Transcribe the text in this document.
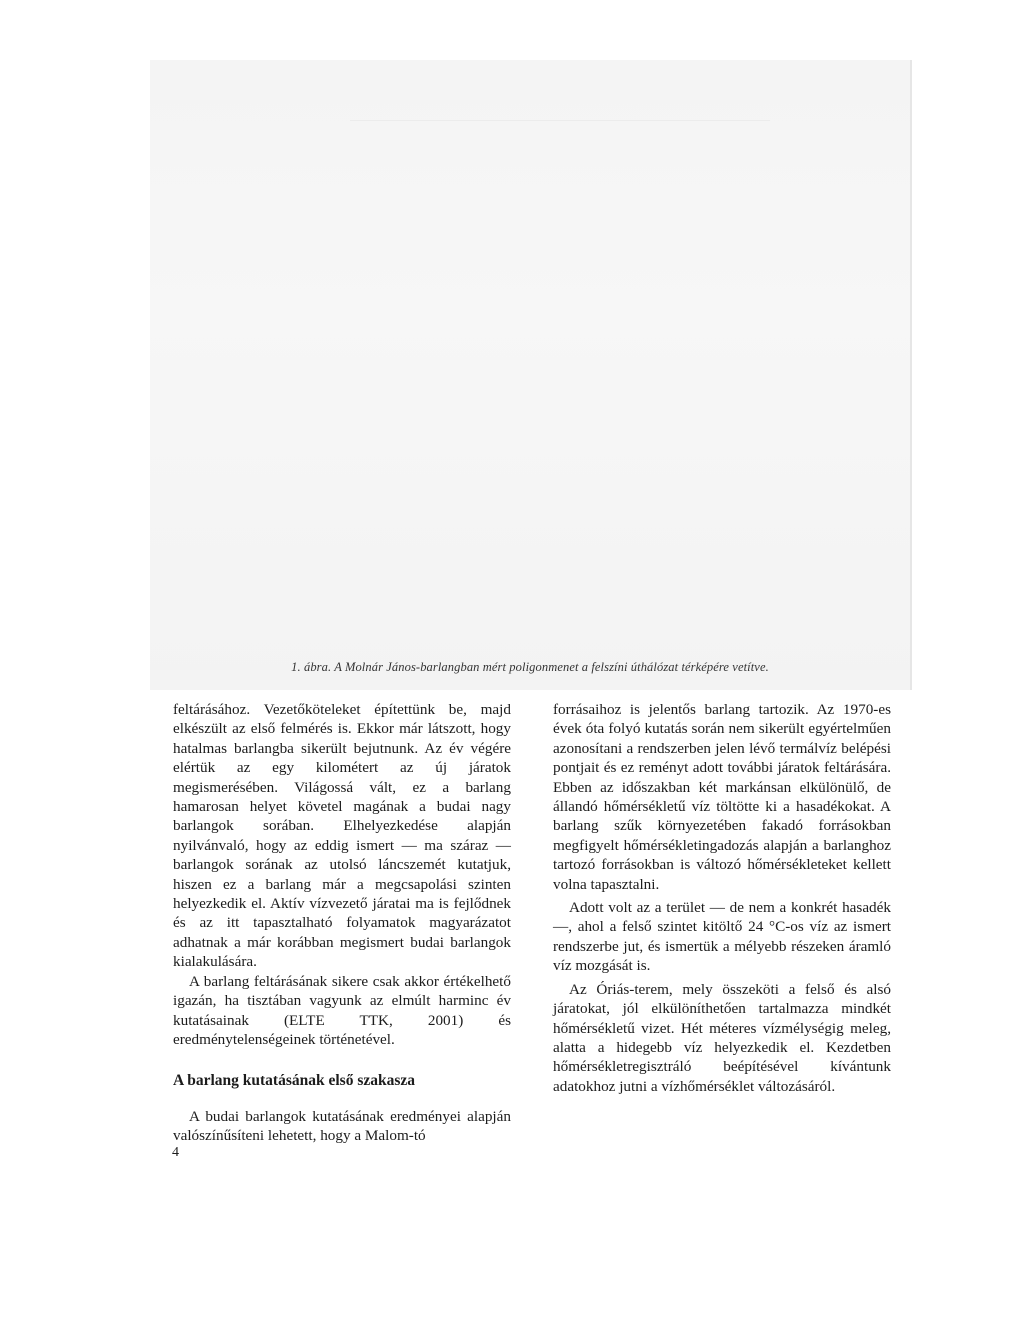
1. ábra. A Molnár János-barlangban mért poligonmenet a felszíni úthálózat térképére vetítve.

feltárásához. Vezetőköteleket építettünk be, majd elkészült az első felmérés is. Ekkor már látszott, hogy hatalmas barlangba sikerült bejutnunk. Az év végére elértük az egy kilométert az új járatok megismerésében. Világossá vált, ez a barlang hamarosan helyet követel magának a budai nagy barlangok sorában. Elhelyezkedése alapján nyilvánvaló, hogy az eddig ismert — ma száraz — barlangok sorának az utolsó láncszemét kutatjuk, hiszen ez a barlang már a megcsapolási szinten helyezkedik el. Aktív vízvezető járatai ma is fejlődnek és az itt tapasztalható folyamatok magyarázatot adhatnak a már korábban megismert budai barlangok kialakulására.

A barlang feltárásának sikere csak akkor értékelhető igazán, ha tisztában vagyunk az elmúlt harminc év kutatásainak (ELTE TTK, 2001) és eredménytelenségeinek történetével.

A barlang kutatásának első szakasza

A budai barlangok kutatásának eredményei alapján valószínűsíteni lehetett, hogy a Malom-tó

forrásaihoz is jelentős barlang tartozik. Az 1970-es évek óta folyó kutatás során nem sikerült egyértelműen azonosítani a rendszerben jelen lévő termálvíz belépési pontjait és ez reményt adott további járatok feltárására. Ebben az időszakban két markánsan elkülönülő, de állandó hőmérsékletű víz töltötte ki a hasadékokat. A barlang szűk környezetében fakadó forrásokban megfigyelt hőmérsékletingadozás alapján a barlanghoz tartozó forrásokban is változó hőmérsékleteket kellett volna tapasztalni.

Adott volt az a terület — de nem a konkrét hasadék —, ahol a felső szintet kitöltő 24 °C-os víz az ismert rendszerbe jut, és ismertük a mélyebb részeken áramló víz mozgását is.

Az Óriás-terem, mely összeköti a felső és alsó járatokat, jól elkülöníthetően tartalmazza mindkét hőmérsékletű vizet. Hét méteres vízmélységig meleg, alatta a hidegebb víz helyezkedik el. Kezdetben hőmérsékletregisztráló beépítésével kívántunk adatokhoz jutni a vízhőmérséklet változásáról.

4
